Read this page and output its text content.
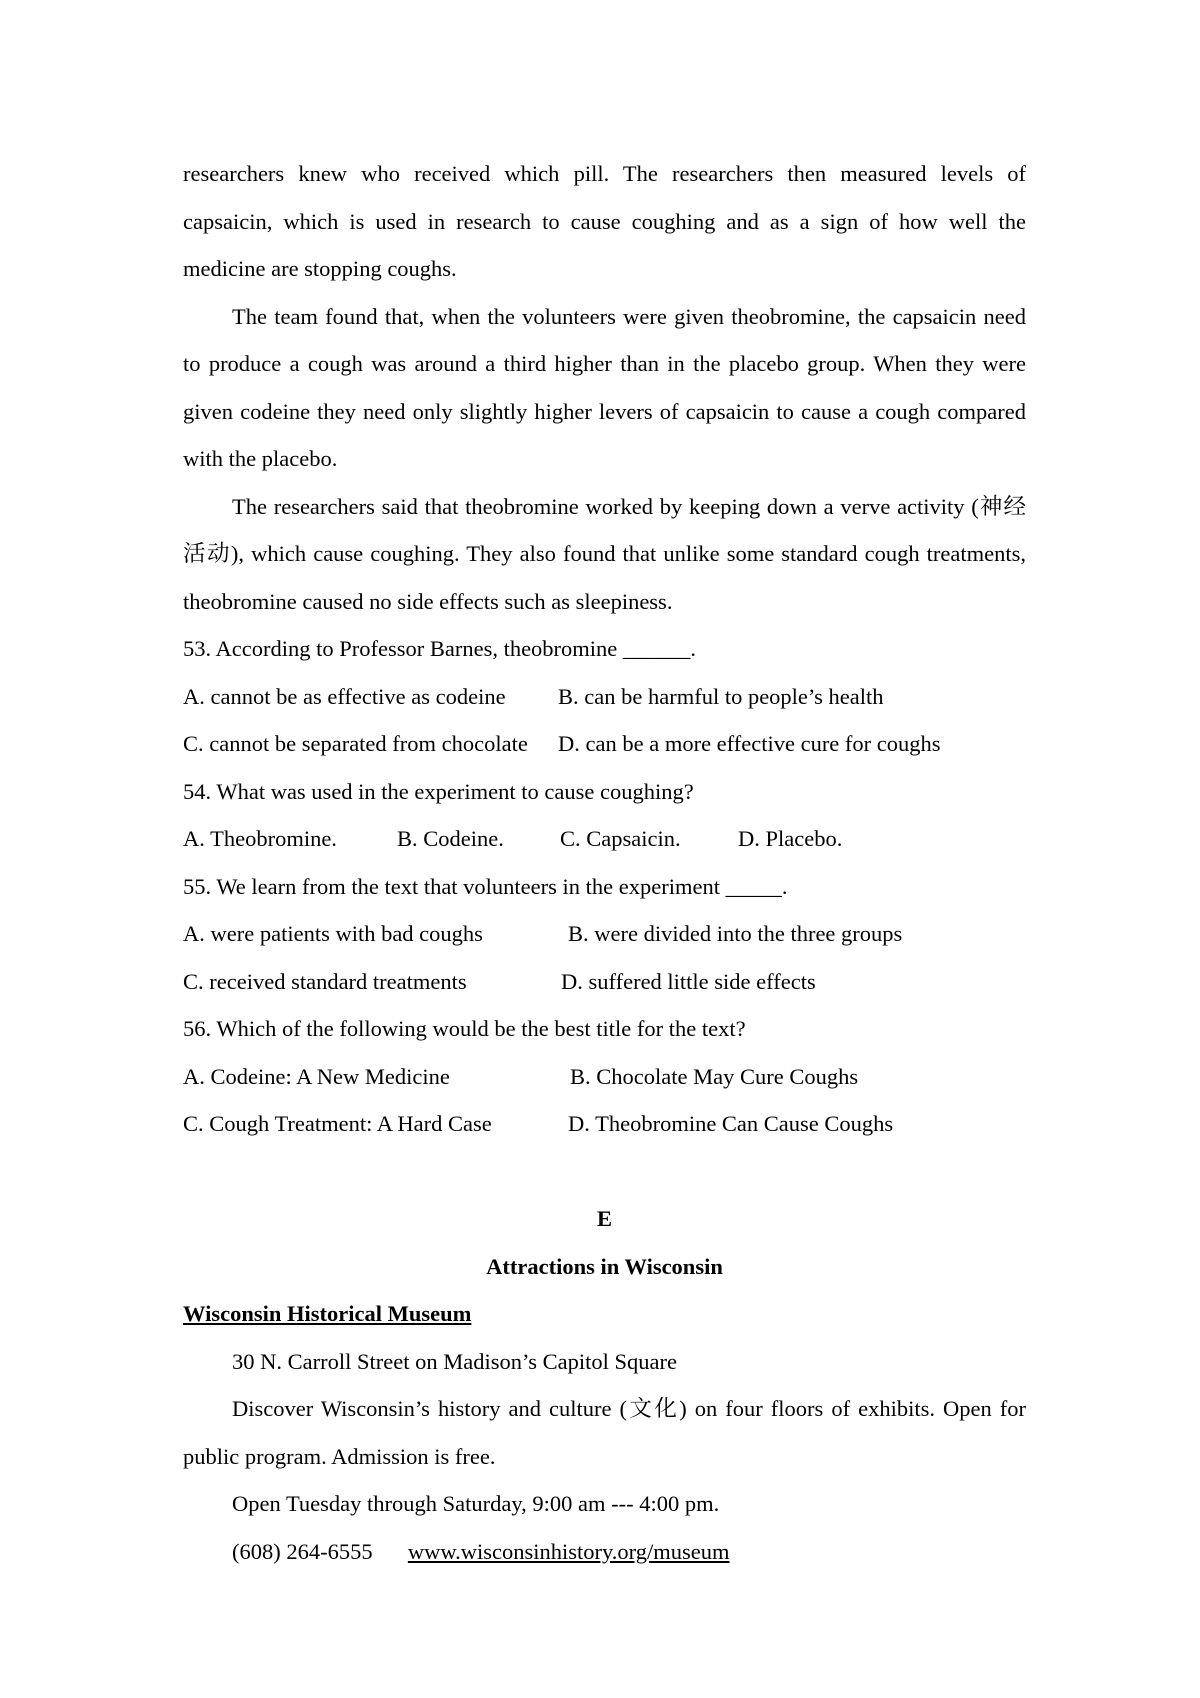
researchers knew who received which pill. The researchers then measured levels of capsaicin, which is used in research to cause coughing and as a sign of how well the medicine are stopping coughs.

The team found that, when the volunteers were given theobromine, the capsaicin need to produce a cough was around a third higher than in the placebo group. When they were given codeine they need only slightly higher levers of capsaicin to cause a cough compared with the placebo.

The researchers said that theobromine worked by keeping down a verve activity (神经活动), which cause coughing. They also found that unlike some standard cough treatments, theobromine caused no side effects such as sleepiness.

53. According to Professor Barnes, theobromine ______.

A. cannot be as effective as codeine	B. can be harmful to people’s health
C. cannot be separated from chocolate	D. can be a more effective cure for coughs

54. What was used in the experiment to cause coughing?

A. Theobromine.	B. Codeine.	C. Capsaicin.	D. Placebo.

55. We learn from the text that volunteers in the experiment _____.

A. were patients with bad coughs	B. were divided into the three groups
C. received standard treatments	D. suffered little side effects

56. Which of the following would be the best title for the text?

A. Codeine: A New Medicine	B. Chocolate May Cure Coughs
C. Cough Treatment: A Hard Case	D. Theobromine Can Cause Coughs

E

Attractions in Wisconsin

Wisconsin Historical Museum

30 N. Carroll Street on Madison’s Capitol Square

Discover Wisconsin’s history and culture (文化) on four floors of exhibits. Open for public program. Admission is free.

Open Tuesday through Saturday, 9:00 am --- 4:00 pm.

(608) 264-6555 www.wisconsinhistory.org/museum
